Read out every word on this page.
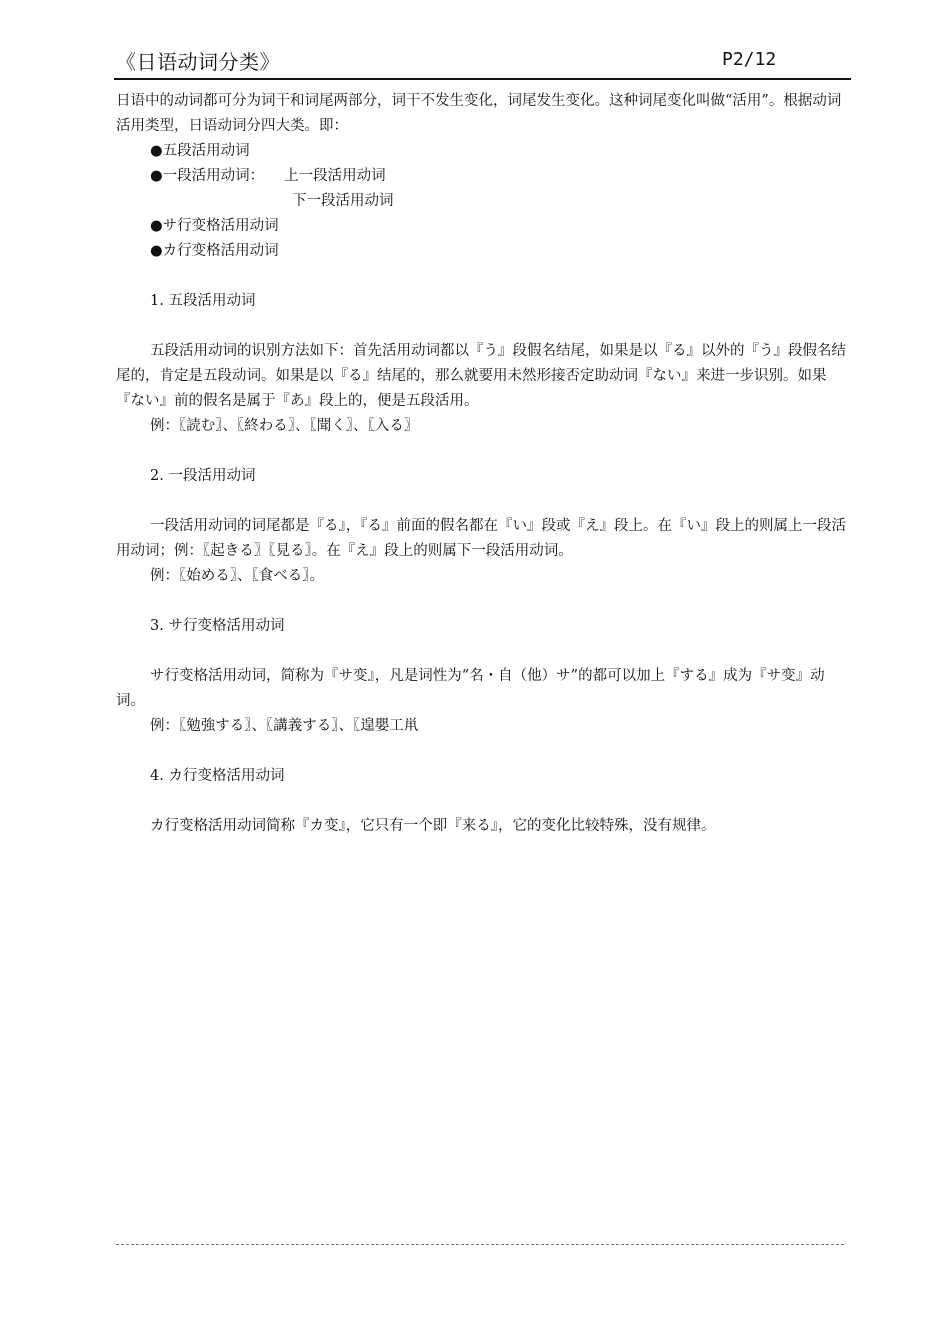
《日语动词分类》	P2/12

日语中的动词都可分为词干和词尾两部分，词干不发生变化，词尾发生变化。这种词尾变化叫做“活用”。根据动词活用类型，日语动词分四大类。即：

●五段活用动词

●一段活用动词： 上一段活用动词

下一段活用动词

●サ行变格活用动词

●カ行变格活用动词

1. 五段活用动词

五段活用动词的识别方法如下：首先活用动词都以『う』段假名结尾，如果是以『る』以外的『う』段假名结尾的，肯定是五段动词。如果是以『る』结尾的，那么就要用未然形接否定助动词『ない』来进一步识别。如果『ない』前的假名是属于『あ』段上的，便是五段活用。

例：〖読む〗、〖終わる〗、〖聞く〗、〖入る〗

2. 一段活用动词

一段活用动词的词尾都是『る』，『る』前面的假名都在『い』段或『え』段上。在『い』段上的则属上一段活用动词；例：〖起きる〗〖見る〗。在『え』段上的则属下一段活用动词。

例：〖始める〗、〖食べる〗。

3. サ行变格活用动词

サ行变格活用动词，简称为『サ变』，凡是词性为“名・自（他）サ”的都可以加上『する』成为『サ变』动词。

例：〖勉強する〗、〖講義する〗、〖遑嬰工鼡

4. カ行变格活用动词

カ行变格活用动词简称『カ变』，它只有一个即『来る』，它的变化比较特殊，没有规律。
